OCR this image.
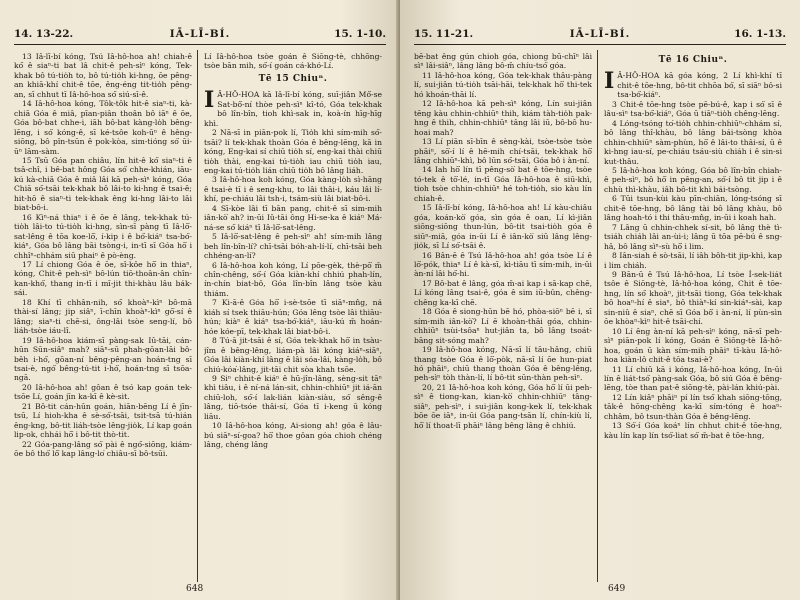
14. 13-22.	IĀ-LĪ-BÍ.	15. 1-10.

13 Iâ-lī-bí kóng, Tsú Iâ-hô-hoa ah! chiah-ê kó͘ ê siaⁿ-ti bat lâ chit-ê peh-sìⁿ kóng, Tek-khak bô tú-tio̍h to, bô tú-tio̍h ki-hng, ōe pêng-an khiā-khí chit-ê tōe, êng-éng tit-tio̍h pêng-an, sī chhut tī Iâ-hô-hoa só͘ siú-sī-ê.

14 Iâ-hô-hoa kóng, Tôk-tôk hit-ê siaⁿ-ti, kà-chiā Góa ê miâ, pīan-piân thoân bô iāⁿ ê ōe, Góa bô-bat chhe-i, iāh bô-bat kàng-lo̍h bêng-lēng, i só͘ kóng-ê, sī ké-tsôe koh-ūⁿ ê hêng-siōng, bô pîn-tsūn ê pok-kòa, sim-tióng só͘ ūi-ūⁿ lām-sàm.

15 Tsū Góa pan chiâu, lín hit-ê kó͘ siaⁿ-ti ê tsâ-chî, i bê-bat hông Góa só͘ chhe-khián, iāu-kú kà-chiā Góa ê miâ lâi kā peh-sìⁿ kóng, Góa Chiā só͘-tsāi tek-khak bô lâi-to ki-hng ē tsai-ê; hit-hō ê siaⁿ-ti tek-khak êng ki-hng lâi-to lâi biat-bô-i.

16 Kìⁿ-ná thiaⁿ i ê ōe ê lâng, tek-khak tú-tio̍h lâi-to tú-tio̍h ki-hng, sìn-sī pàng tī Iâ-lō͘-sat-lêng ê tōa koe-lō͘, í-kip i ê bó͘-kiáⁿ tsa-bó͘-kiáⁿ, Góa bô lâng bāi tsòng-i, in-tī sī Góa hō͘ i chhîⁿ-chhám siū phaiⁿ ê pò-èng.

17 Lí chiong Góa ê ōe, sî-kôe hō͘ in thiaⁿ, kóng, Chit-ê peh-sìⁿ bô-lún tiō-thoân-ân chîn-kan-khó͘, thang in-tī i mī-jit thi-khàu lâu bák-sái.

18 Khí tī chhân-nih, só͘ khoàⁿ-kìⁿ bô-mā thài-sí lâng; jip siâⁿ, ī-chīn khoàⁿ-kìⁿ gō͘-sí ê lâng; siaⁿ-ti chē-si, ông-lâi tsòe seng-lí, bô liáh-tsòe iáu-lî.

19 Iâ-hô-hoa kiám-sī pàng-sak Iû-tāi, cán-hūn Sūn-siâⁿ mah? siāⁿ-sū phah-gōan-lāi bô-bêh i-hó͘, gōan-ní bêng-pêng-an hoán-tng sī tsai-è, ngó͘ bêng-tú-tit i-hó͘, hoán-tng sī tsōa-ngā.

20 Iâ-hô-hoa ah! gôan ê tsó kap goán tek-tsōe Lí, goán jīn ka-kī ê kè-sit.

21 Bô-tit cán-hūn goán, hiān-bēng Lí ê jīn-tsū, Lí hioh-kha ê sè-só͘-tsāi, tsit-tsā tú-hián êng-kng, bô-tit liáh-tsòe lêng-jio̍k, Lí kap goán lip-ok, chhái hō͘ i bô-tit thò-tit.

22 Góa-pang-lâng só͘ pài ê ngó͘-siōng, kiám-ōe bô thó͘ lô͘ kap lâng-lo͘ chiâu-sī bô-tsūi.

Lí Iâ-hô-hoa tsòe goán ê Siōng-tè, chhōng-tsòe bān mih, só͘-í goán cá-khó-Lí.

Tē 15 Chiuⁿ.

I Â-HÔ-HOA kā Iâ-lī-bí kóng, suī-jiân Mô͘-se Sat-bô͘-ní thòe peh-sìⁿ kî-tó, Góa tek-khak bô lîn-bîn, tioh khì-sak in, koà-ín hīg-hīg khì.

2 Nā-sī in piān-pok lí, Tio̍h khì sím-mih só͘-tsāi? lí tek-khak thoàn Góa ê bêng-lēng, kā in kóng, Eng-kai sí chiū tio̍h sí, eng-kai thài chiū tio̍h thài, eng-kai tú-tio̍h iau chiū tio̍h iau, eng-kai tú-tio̍h lián chiū tio̍h bô lâng liáh.

3 Iâ-hô-hoa koh kóng, Góa kàng-lo̍h sì-hāng ê tsai-è tī i ê seng-khu, to lâi thâi-i, káu lâi lí-khí, pe-chiáu lâi tsh-i, tsám-siù lâi biat-bô-i.

4 Sī-kòe lâi tī bān pang, chit-ê sī sim-mih iân-kò͘ ah? in-ūi Iû-tāi ông Hi-se-ka ê kiáⁿ Má-ná-se só͘ kiáⁿ tī Iâ-lō͘-sat-lêng.

5 Iâ-lō͘-sat-lêng ê peh-sìⁿ ah! sím-mih lâng beh lîn-bîn-lí? chī-tsāi bóh-ah-lí-lí, chī-tsāi beh chhéng-an-lí?

6 Iâ-hô-hoa koh kóng, Lí pōe-gèk, thè-pō͘ m̄ chîn-chêng, só͘-í Góa kiàn-khí chhiú phah-lín, ín-chín biat-bô, Góa lîn-bîn lâng tsòe kàu thiám.

7 Ki-ā-ê Góa hō͘ i-sè-tsōe tī siāⁿ-mn̂g, ná kiáh sí tsek thiāu-hún; Góa lêng tsòe lâi thiāu-hún; kiàⁿ ê kiáⁿ tsa-bó͘-kiáⁿ, iāu-kú m̄ hoán-hóe kóe-pī, tek-khak lâi biat-bô-i.

8 Tú-ā jit-tsāi ê sí, Góa tek-khak hō͘ in tsàu-jîm ê bêng-lêng, liám-pà lâi kóng kiáⁿ-siāⁿ, Góa lâi kiàn-khí lâng ē lâi sóa-lâi, kàng-lo̍h, bô chiú-kóa͘-lâng, jit-tāi chit sòa khah tsōe.

9 Siⁿ chhit-ê kiáⁿ ê hū-jîn-lâng, sèng-sit tāⁿ khì tiâu, i ê ní-ná lán-sit, chhin-chhiūⁿ jit iá-ān chiū-loh, só͘-í lak-lián kiàn-siàu, só͘ sêng-ê lâng, tiō-tsóe thâi-sí, Góa tī i-keng ū kóng liāu.

10 Iâ-hô-hoa kóng, Ai-siong ah! góa ê lâu-bú siāⁿ-sí-goa? hō͘ thoe gôan góa chioh chéng lâng, chéng lâng

648
15. 11-21.	IĀ-LĪ-BÍ.	16. 1-13.

bē-bat êng gún chioh góa, chiong bū-chīⁿ lâi sìⁿ lâi-siâⁿ, lâng lâng bô-m̄ chíu-tsó͘ góa.

11 Iâ-hô-hoa kóng, Góa tek-khak thâu-pàng lí, sui-jiân tú-tio̍h tsāi-hāi, tek-khak hō͘ thi-tek hó khoán-thāi lí.

12 Iâ-hô-hoa kā peh-sìⁿ kóng, Lín sui-jiân tēng kàu chhin-chhiūⁿ thih, kiám tàh-tio̍h pak-hng ê thih, chhin-chhiūⁿ tâng lâi iū, bô-bô hu-hoai mah?

13 Lí piān sī-bīn ê sèng-kài, tsòe-tsòe tsòe phāiⁿ, sō͘-í lí ê hē-mih chí-tsāi, tek-khak hō͘ lâng chhiūⁿ-khì, bô lūn só͘-tsāi, Góa bô i àn-ní.

14 Iah hō͘ lín tī pêng-sò͘ bat ê tōe-hng, tsòe tó-tek ê tō͘-lé, in-tī Góa Iâ-hô-hoa ê siū-khì, tioh tsòe chhin-chhiūⁿ hé toh-tio̍h, sio kàu lín chiah-ê.

15 Iâ-lī-bí kóng, Iâ-hô-hoa ah! Lí kàu-chiâu góa, koán-kò͘ góa, sìn góa ê oan, Lí kì-jiân siōng-siōng thun-lún, bô-tit tsai-tio̍h góa ê siūⁿ-miā, góa in-ūi Lí ê iân-kò͘ siū lâng lêng-jio̍k, sī Lí só͘-tsāi ê.

16 Bân-ē ê Tsú Iâ-hô-hoa ah! góa tsòe Lí ê lō͘-pók, thiaⁿ Lí ê kà-sī, kì-tiāu tī sím-mih, in-ūi àn-ní lâi hó͘-hi.

17 Bô-bat ê lâng, góa m̄-ai kap i sā-kap chē, Lí kóng lâng tsai-ê, góa ê sim iū-bûn, chêng-chêng ka-kī chē.

18 Góa ê siong-hūn bē hó, phòa-siōⁿ bē i, sī sím-mih iân-kò͘? Lí ē khoàn-thāi góa, chhin-chhiūⁿ tsùi-tsôaⁿ hut-jiân ta, bô lâng tsoát-bāng sit-sóng mah?

19 Iâ-hô-hoa kóng, Nā-sī lí tāu-hâng, chiū thang tsòe Góa ê lō͘-pòk, nā-sī lí ōe hun-piat hó phāiⁿ, chiū thang thoàn Góa ê bêng-lêng, peh-sìⁿ tòh thàn-lí, lí bô-tit sūn-thàn peh-sìⁿ.

20, 21 Iâ-hô-hoa koh kóng, Góa hō͘ lí ūi peh-sìⁿ ê tiong-kan, kian-kò͘ chhin-chhiūⁿ tâng-siâⁿ, peh-sìⁿ, i sui-jiân kong-kek lí, tek-khak bōe ōe iāⁿ, in-ūi Góa pang-tsān lí, chín-kiù lí, hō͘ lí thoat-lī phāiⁿ lâng bêng lâng ê chhiú.

Tē 16 Chiuⁿ.

I Â-HÔ-HOA kā góa kóng, 2 Lí khì-khí tī chit-ê tōe-hng, bô-tit chhōa bó͘, sī siāⁿ bô-si tsa-bó͘-kiáⁿ.

3 Chit-ê tōe-hng tsòe pē-bú-ê, kap i só͘ sī ê lâu-sìⁿ tsa-bó͘-kiáⁿ, Góa ū tiāⁿ-tio̍h chêng-lēng.

4 Lóng-tsóng to͘-tio̍h chhin-chhiūⁿ-chhám sí, bô lâng thî-khàu, bô lâng bái-tsòng khòa chhin-chhiūⁿ sàm-phùn, hō͘ ê lâi-to thâi-sí, ū ê ki-hng iau-sí, pe-chiáu tsáu-siù chiáh i ê sin-si kut-thâu.

5 Iâ-hô-hoa koh kóng, Góa bô lîn-bîn chiah-ê peh-sìⁿ, bô hō͘ in pêng-an, só͘-í bô tit jip i ê chhù thì-khàu, iâh bô-tit khì bái-tsòng.

6 Tūi tsun-kùi kàu pīn-chiān, lóng-tsóng sī chit-ê tōe-hng, bô lâng tài bô lâng khàu, bô lâng hoah-tó i thi thâu-mn̂g, in-ūi i koah hah.

7 Lâng ū chhin-chhek sí-sit, bô lâng thè tì-tsiáh chiáh lâi an-ùi-i; lâng ū tōa pē-bú ê sng-hâ, bô lâng sìⁿ-sù hō͘ i lim.

8 Iân-siah ê sò-tsāi, lí iâh bôh-tit jip-khì, kap i lim chiáh.

9 Bān-ū ê Tsú Iâ-hô-hoa, Lí tsòe Í-sek-liát tsôe ê Siōng-tè, Iâ-hô-hoa kóng, Chit ê tōe-hng, lín só͘ khoàⁿ, jit-tsāi tiong, Góa tek-khak bô hoaⁿ-hí ê siaⁿ, bô thiàⁿ-kí sin-kiáⁿ-sài, kap sin-niû ê siaⁿ, chē sī Góa bô͘ i àn-ní, lí pùn-sìn ōe khòaⁿ-kìⁿ hit-ê tsāi-chí.

10 Lí êng àn-ní kā peh-sìⁿ kóng, nā-sī peh-sìⁿ piān-pok lí kóng, Goán ē Siōng-tè Iâ-hô-hoa, goán ū kàn sím-mih phāiⁿ tī-kàu Iâ-hô-hoa kiàn-lô chit-ê tōa tsai-è?

11 Lí chiū kā i kóng, Iâ-hô-hoa kóng, In-ūi lín ê liát-tsó͘ pàng-sak Góa, bô siú Góa ê bêng-lēng, tòe than pat-ê siōng-tè, pài-lán khiú-pài.

12 Lín kiâⁿ phāiⁿ pí lín tsó͘ khah siōng-tōng, tāk-ê hōng-chêng ka-kī sím-tóng ê hoaⁿ-chhâm, bô tsun-thàn Góa ê bêng-lēng.

13 Só͘-í Góa koáⁿ lín chhut chit-ê tōe-hng, kàu lín kap lín tsó͘-liat só͘ m̄-bat ê tōe-hng,

649
